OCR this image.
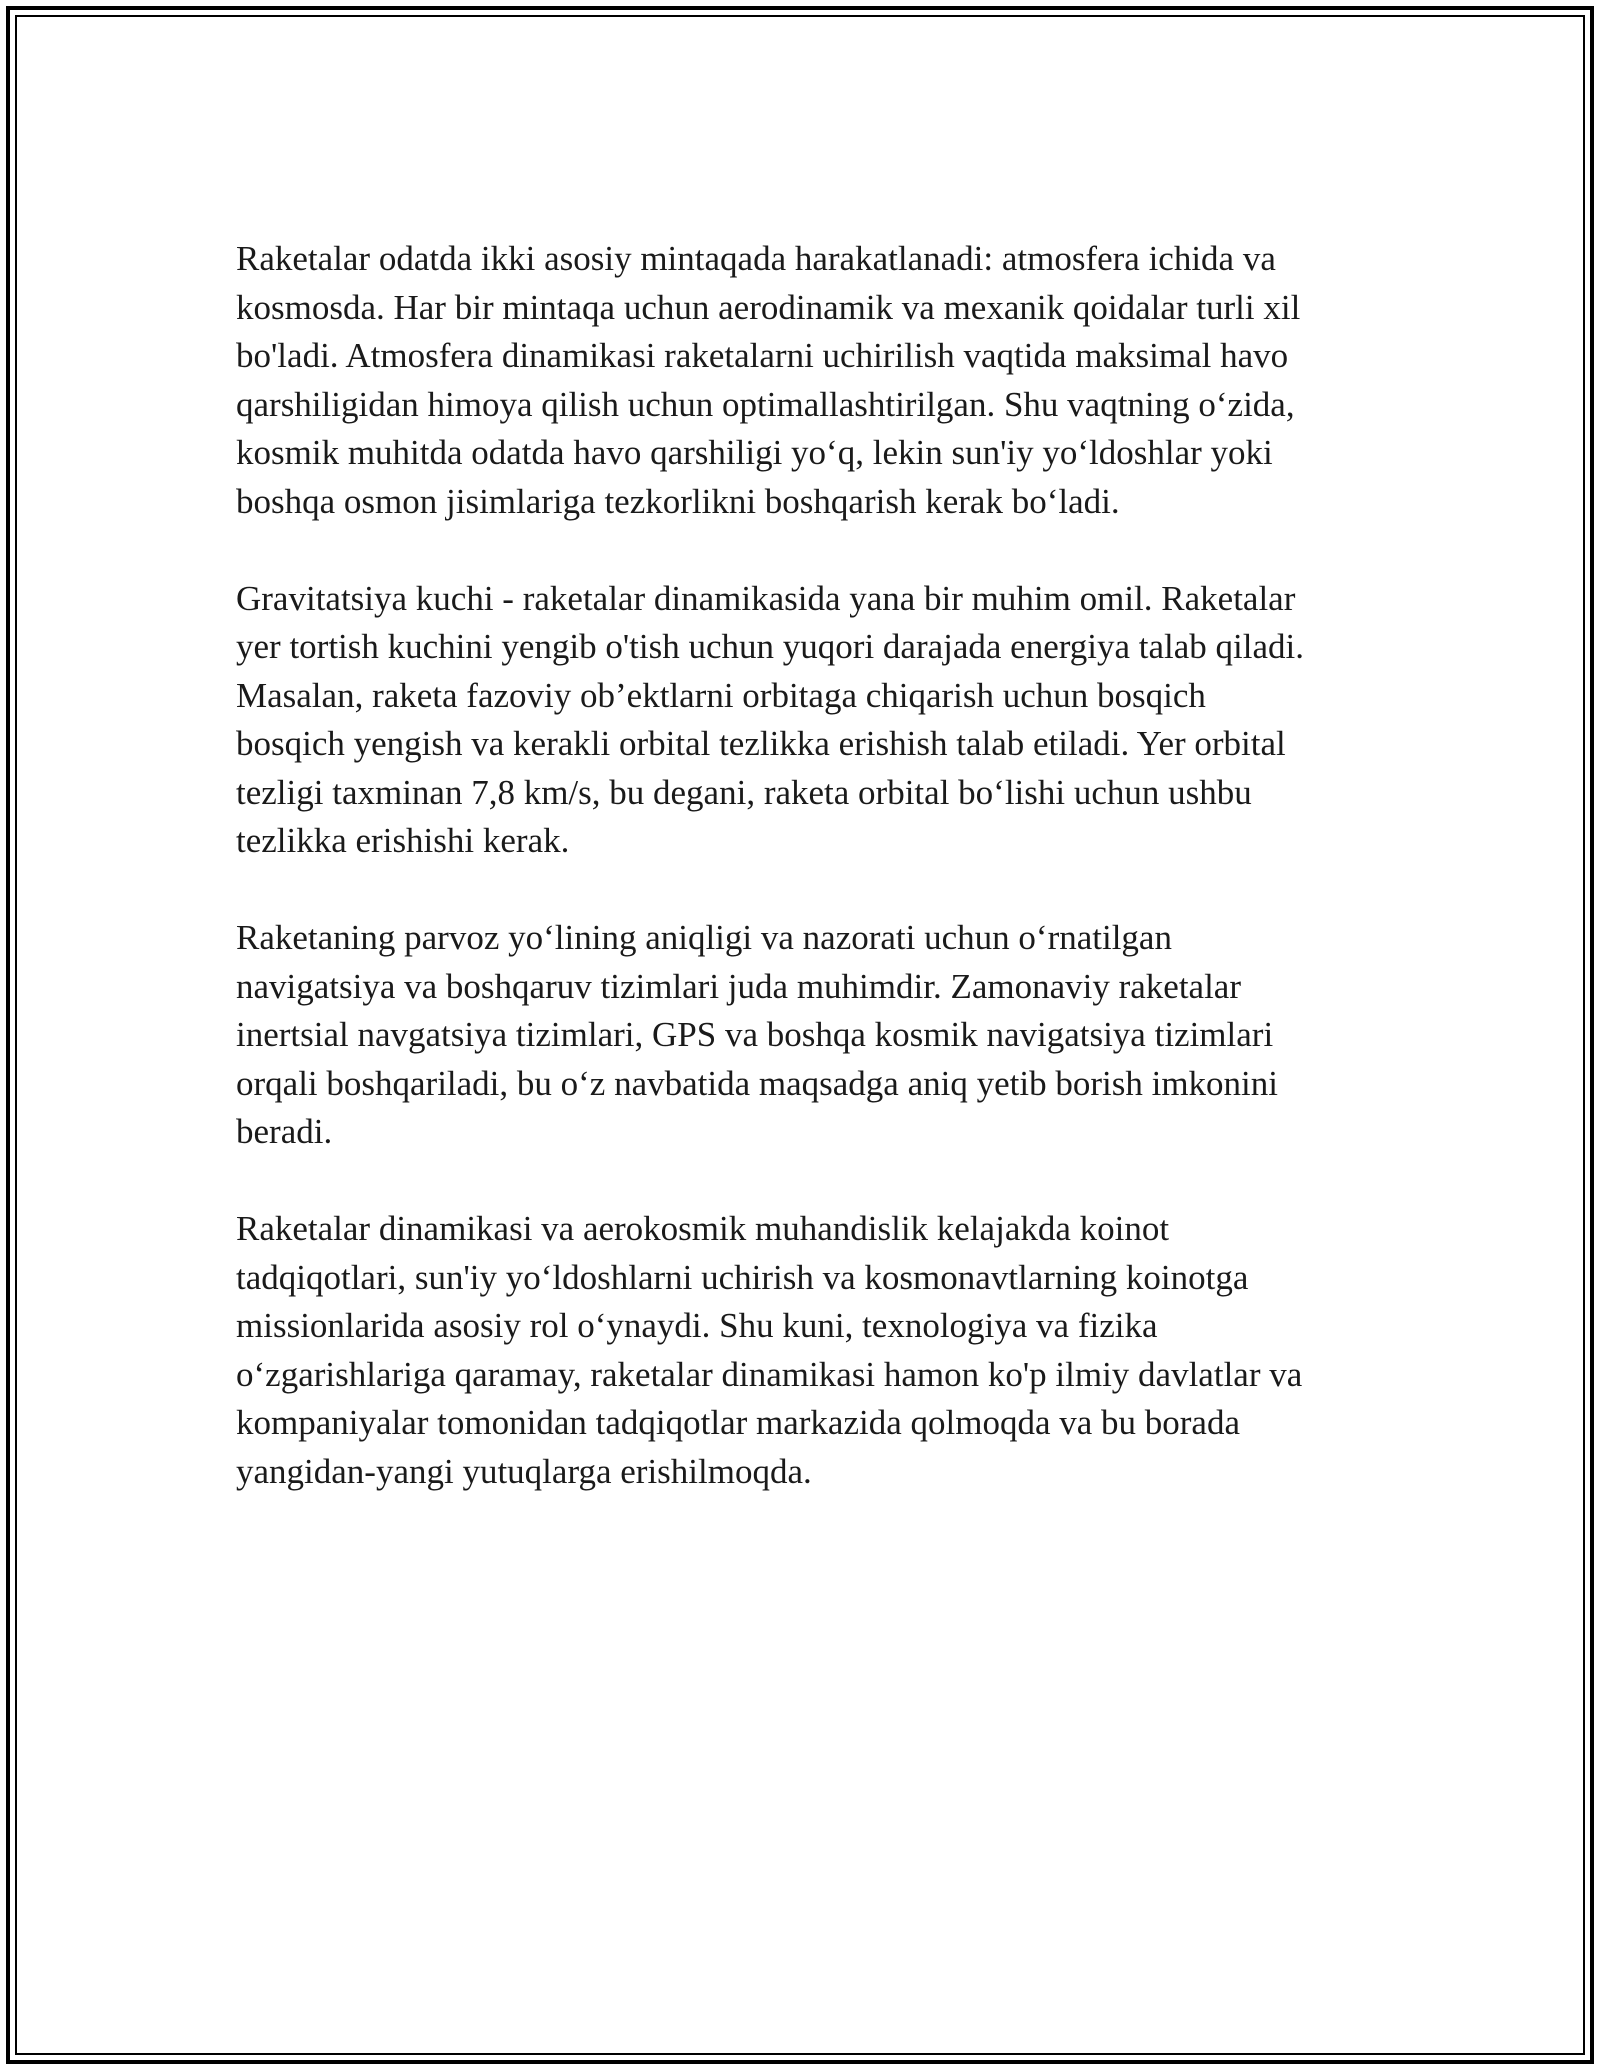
Raketalar odatda ikki asosiy mintaqada harakatlanadi: atmosfera ichida va
kosmosda. Har bir mintaqa uchun aerodinamik va mexanik qoidalar turli xil
bo'ladi. Atmosfera dinamikasi raketalarni uchirilish vaqtida maksimal havo
qarshiligidan himoya qilish uchun optimallashtirilgan. Shu vaqtning o‘zida,
kosmik muhitda odatda havo qarshiligi yo‘q, lekin sun'iy yo‘ldoshlar yoki
boshqa osmon jisimlariga tezkorlikni boshqarish kerak bo‘ladi.

Gravitatsiya kuchi - raketalar dinamikasida yana bir muhim omil. Raketalar
yer tortish kuchini yengib o'tish uchun yuqori darajada energiya talab qiladi.
Masalan, raketa fazoviy ob’ektlarni orbitaga chiqarish uchun bosqich
bosqich yengish va kerakli orbital tezlikka erishish talab etiladi. Yer orbital
tezligi taxminan 7,8 km/s, bu degani, raketa orbital bo‘lishi uchun ushbu
tezlikka erishishi kerak.

Raketaning parvoz yo‘lining aniqligi va nazorati uchun o‘rnatilgan
navigatsiya va boshqaruv tizimlari juda muhimdir. Zamonaviy raketalar
inertsial navgatsiya tizimlari, GPS va boshqa kosmik navigatsiya tizimlari
orqali boshqariladi, bu o‘z navbatida maqsadga aniq yetib borish imkonini
beradi.

Raketalar dinamikasi va aerokosmik muhandislik kelajakda koinot
tadqiqotlari, sun'iy yo‘ldoshlarni uchirish va kosmonavtlarning koinotga
missionlarida asosiy rol o‘ynaydi. Shu kuni, texnologiya va fizika
o‘zgarishlariga qaramay, raketalar dinamikasi hamon ko'p ilmiy davlatlar va
kompaniyalar tomonidan tadqiqotlar markazida qolmoqda va bu borada
yangidan-yangi yutuqlarga erishilmoqda.
